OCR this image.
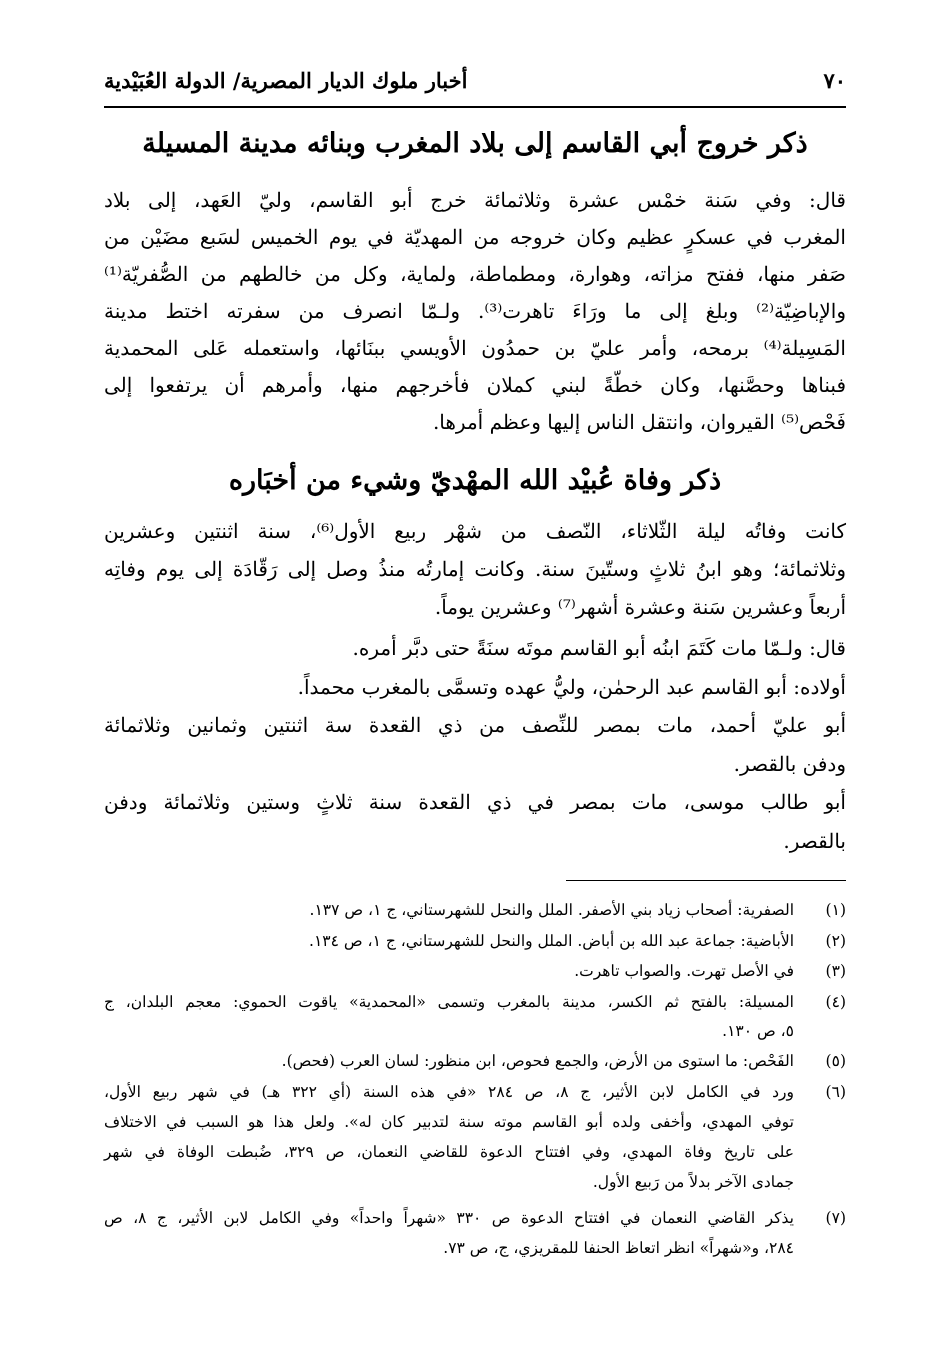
٧٠
أخبار ملوك الديار المصرية/ الدولة العُبَيْدية
ذكر خروج أبي القاسم إلى بلاد المغرب وبنائه مدينة المسيلة
قال: وفي سَنة خمْس عشرة وثلاثمائة خرج أبو القاسم، وليّ العَهد، إلى بلاد
المغرب في عسكرٍ عظيم وكان خروجه من المهديّة في يوم الخميس لسَبع مضَيْن من
صَفر منها، ففتح مزاته، وهوارة، ومطماطة، ولماية، وكل من خالطهم من الصُّفريّة⁽¹⁾
والإباضِيّة⁽²⁾ وبلغ إلى ما ورَاءَ تاهرت⁽³⁾. ولـمّا انصرف من سفرته اختط مدينة
المَسِيلة⁽⁴⁾ برمحه، وأمر عليّ بن حمدُون الأويسي ببنَائها، واستعمله عَلى المحمدية
فبناها وحصَّنها، وكان خطّةً لبني كملان فأخرجهم منها، وأمرهم أن يرتفعوا إلى
فَحْص⁽⁵⁾ القيروان، وانتقل الناس إليها وعظم أمرها.
ذكر وفاة عُبيْد الله المهْديّ وشيء من أخبَاره
كانت وفاتُه ليلة الثّلاثاء، النّصف من شهْر ربيع الأول⁽⁶⁾، سنة اثنتين وعشرين
وثلاثمائة؛ وهو ابنُ ثلاثٍ وستّينَ سنة. وكانت إمارتُه منذُ وصل إلى رَقّادَة إلى يوم وفاتِه
أربعاً وعشرين سَنة وعشرة أشهر⁽⁷⁾ وعشرين يوماً.
قال: ولـمّا مات كَتَمَ ابنُه أبو القاسم موتَه سنَةً حتى دبَّر أمره.
أولاده: أبو القاسم عبد الرحمٰن، وليُّ عهده وتسمَّى بالمغرب محمداً.
أبو عليّ أحمد، مات بمصر للنِّصف من ذي القعدة سة اثنتين وثمانين وثلاثمائة
ودفن بالقصر.
أبو طالب موسى، مات بمصر في ذي القعدة سنة ثلاثٍ وستين وثلاثمائة ودفن
بالقصر.
(١)
الصفرية: أصحاب زياد بني الأصفر. الملل والنحل للشهرستاني، ج ١، ص ١٣٧.
(٢)
الأباضية: جماعة عبد الله بن أباض. الملل والنحل للشهرستاني، ج ١، ص ١٣٤.
(٣)
في الأصل تهرت. والصواب تاهرت.
(٤)
المسيلة: بالفتح ثم الكسر، مدينة بالمغرب وتسمى «المحمدية» ياقوت الحموي: معجم البلدان، ج
٥، ص ١٣٠.
(٥)
الفَحْص: ما استوى من الأرض، والجمع فحوص، ابن منظور: لسان العرب (فحص).
(٦)
ورد في الكامل لابن الأثير، ج ٨، ص ٢٨٤ «في هذه السنة (أي ٣٢٢ هـ) في شهر ربيع الأول،
توفي المهدي، وأخفى ولده أبو القاسم موته سنة لتدبير كان له». ولعل هذا هو السبب في الاختلاف
على تاريخ وفاة المهدي، وفي افتتاح الدعوة للقاضي النعمان، ص ٣٢٩، ضُبطت الوفاة في شهر
جمادى الآخر بدلاً من رَبيع الأول.
(٧)
يذكر القاضي النعمان في افتتاح الدعوة ص ٣٣٠ «شهراً واحداً» وفي الكامل لابن الأثير، ج ٨، ص
٢٨٤، و«شهراً» انظر اتعاظ الحنفا للمقريزي، ج، ص ٧٣.
